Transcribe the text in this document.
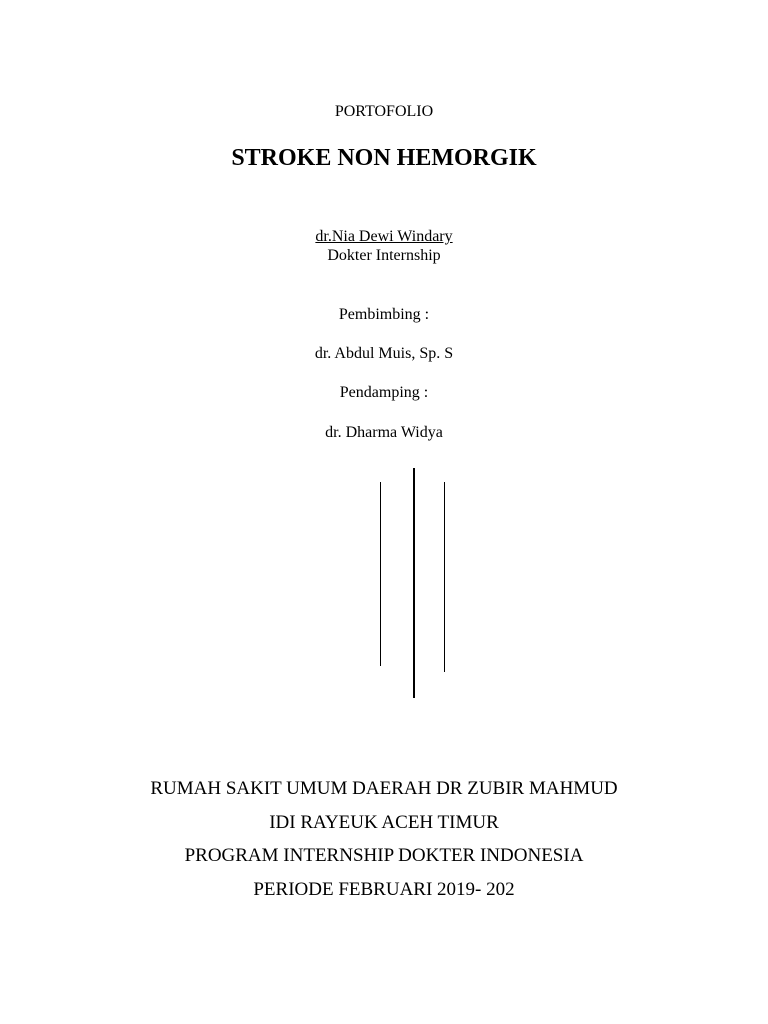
PORTOFOLIO
STROKE NON HEMORGIK
dr.Nia Dewi Windary
Dokter Internship
Pembimbing :
dr. Abdul Muis, Sp. S
Pendamping :
dr. Dharma Widya
RUMAH SAKIT UMUM DAERAH DR ZUBIR MAHMUD
IDI RAYEUK ACEH TIMUR
PROGRAM INTERNSHIP DOKTER INDONESIA
PERIODE FEBRUARI 2019- 202
